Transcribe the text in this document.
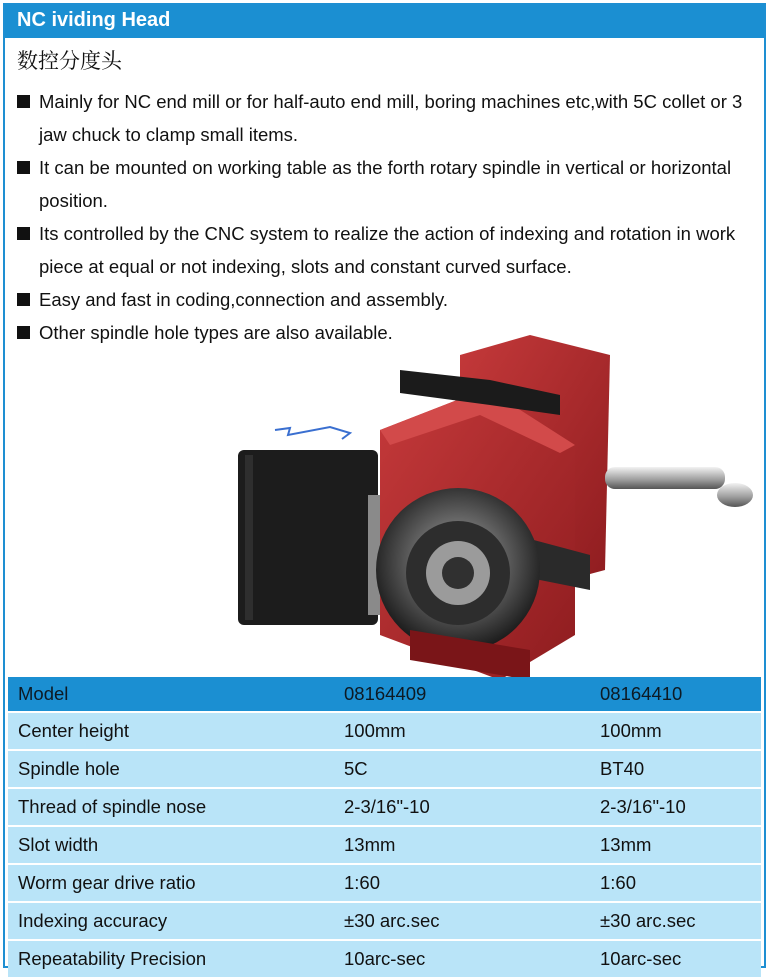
NC ividing Head
数控分度头
Mainly for NC end mill or for half-auto end mill, boring machines etc,with 5C collet or 3 jaw chuck to clamp small items.
It can be mounted on working table as the forth rotary spindle in vertical or horizontal position.
Its controlled by the CNC system to realize the action of indexing and rotation in work piece at equal or not indexing, slots and constant curved surface.
Easy and fast in coding,connection and assembly.
Other spindle hole types are also available.
Model	08164409	08164410
Center height	100mm	100mm
Spindle hole	5C	BT40
Thread of spindle nose	2-3/16"-10	2-3/16"-10
Slot width	13mm	13mm
Worm gear drive ratio	1:60	1:60
Indexing accuracy	±30 arc.sec	±30 arc.sec
Repeatability Precision	10arc-sec	10arc-sec
